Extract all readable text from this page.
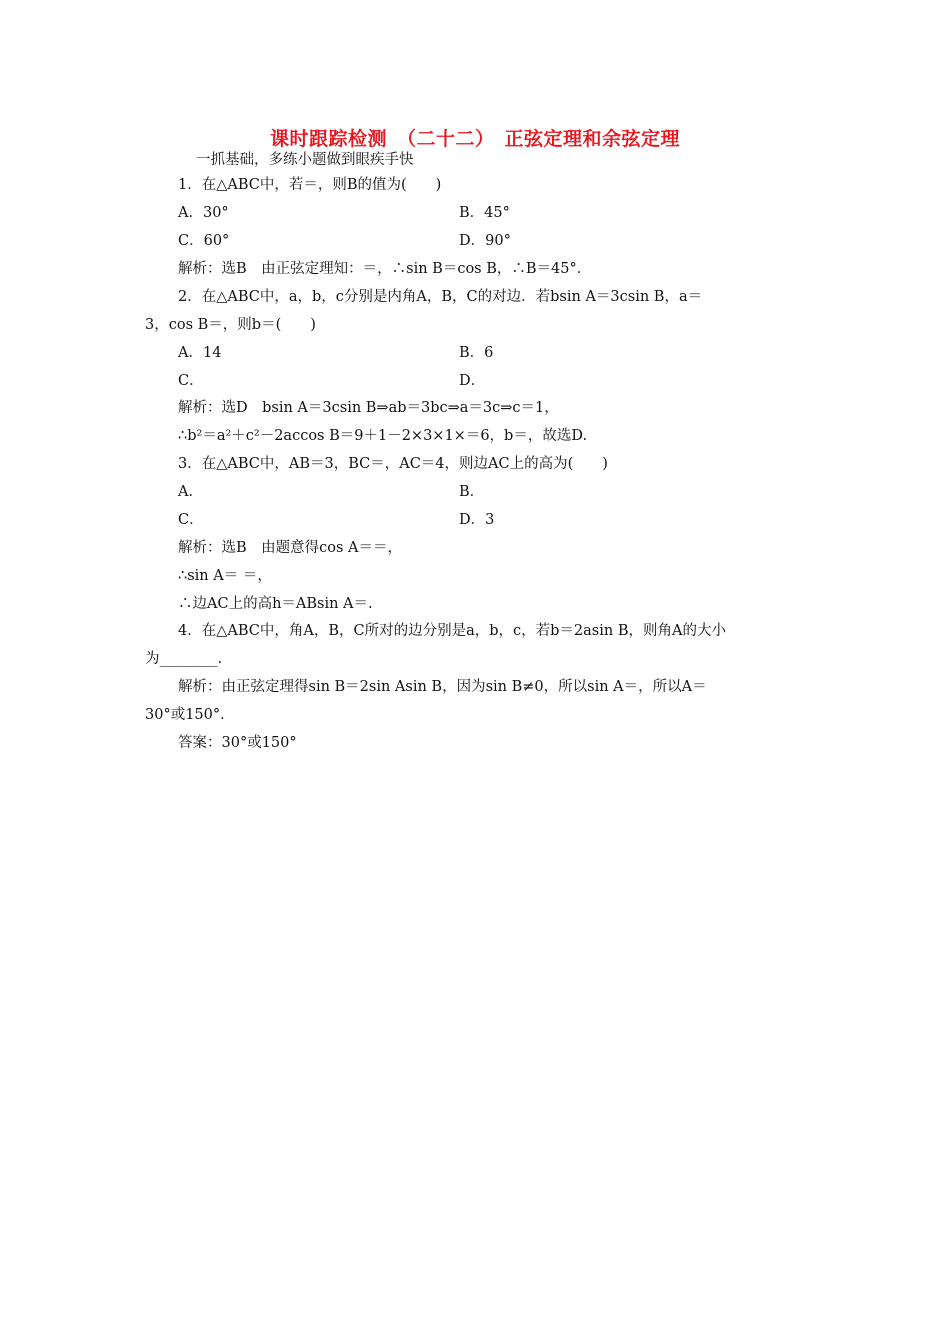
课时跟踪检测　（二十二）　正弦定理和余弦定理
一抓基础，多练小题做到眼疾手快
1．在△ABC中，若＝，则B的值为(　　)
A．30°	B．45°
C．60°	D．90°
解析：选B　由正弦定理知：＝，∴sin B＝cos B，∴B＝45°．
2．在△ABC中，a，b，c分别是内角A，B，C的对边．若bsin A＝3csin B，a＝
3，cos B＝，则b＝(　　)
A．14	B．6
C．	D．
解析：选D　bsin A＝3csin B⇒ab＝3bc⇒a＝3c⇒c＝1，
∴b²＝a²＋c²－2accos B＝9＋1－2×3×1×＝6，b＝，故选D.
3．在△ABC中，AB＝3，BC＝，AC＝4，则边AC上的高为(　　)
A．	B．
C．	D．3
解析：选B　由题意得cos A＝＝，
∴sin A＝ ＝，
∴边AC上的高h＝ABsin A＝.
4．在△ABC中，角A，B，C所对的边分别是a，b，c，若b＝2asin B，则角A的大小
为________.
解析：由正弦定理得sin B＝2sin Asin B，因为sin B≠0，所以sin A＝，所以A＝
30°或150°．
答案：30°或150°
